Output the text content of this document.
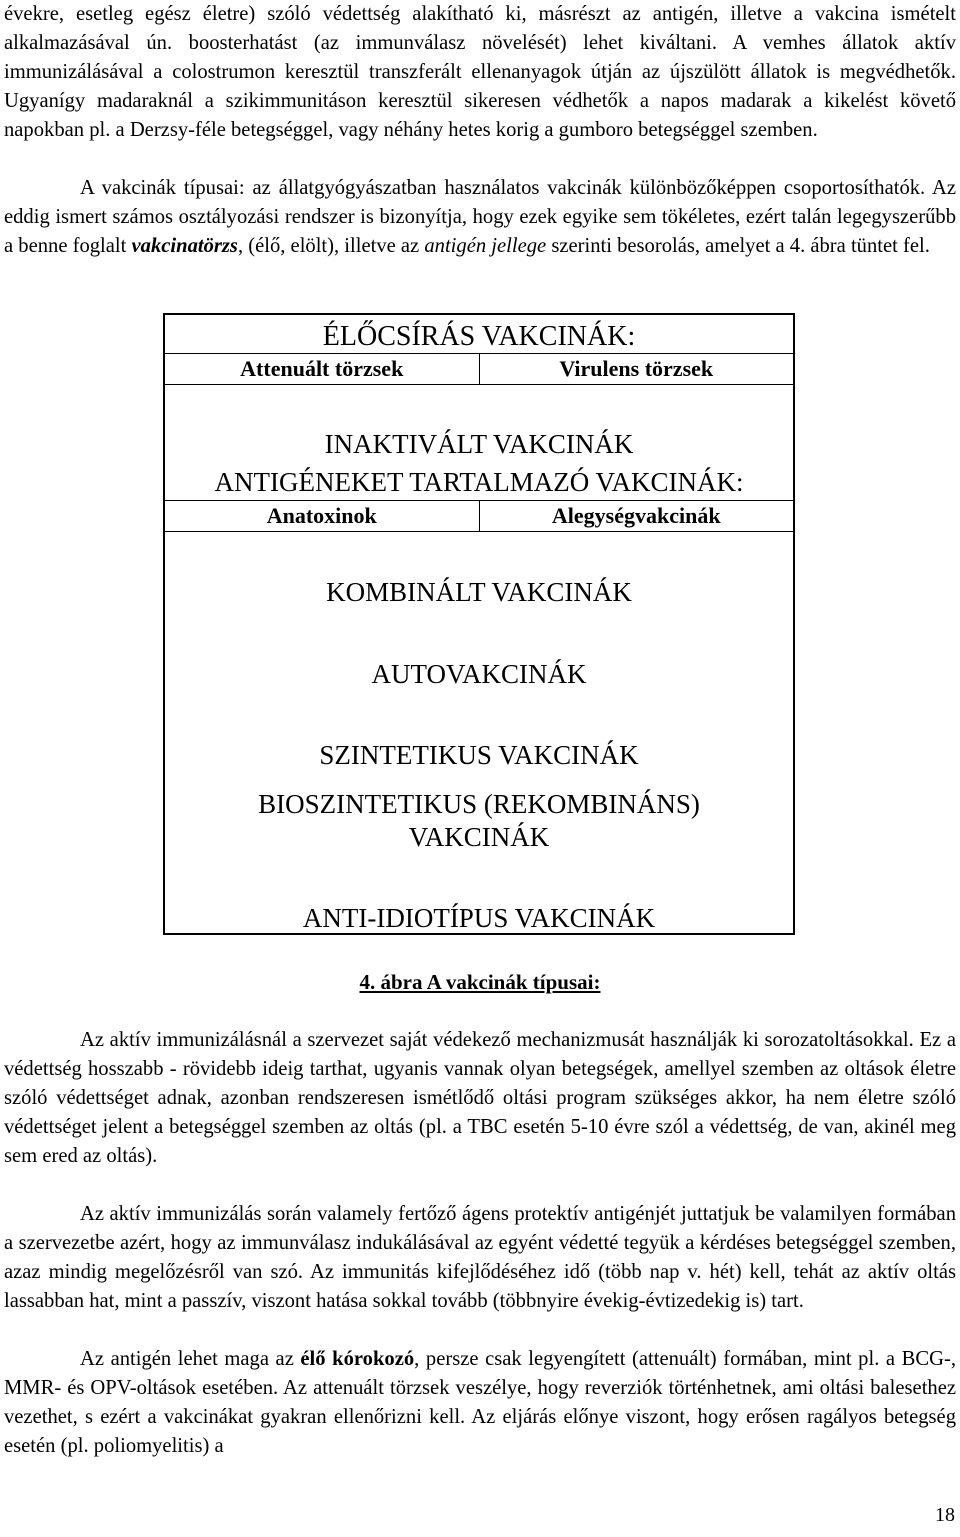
évekre, esetleg egész életre) szóló védettség alakítható ki, másrészt az antigén, illetve a vakcina ismételt alkalmazásával ún. boosterhatást (az immunválasz növelését) lehet kiváltani. A vemhes állatok aktív immunizálásával a colostrumon keresztül transzferált ellenanyagok útján az újszülött állatok is megvédhetők. Ugyanígy madaraknál a szikimmunitáson keresztül sikeresen védhetők a napos madarak a kikelést követő napokban pl. a Derzsy-féle betegséggel, vagy néhány hetes korig a gumboro betegséggel szemben.

A vakcinák típusai: az állatgyógyászatban használatos vakcinák különbözőképpen csoportosíthatók. Az eddig ismert számos osztályozási rendszer is bizonyítja, hogy ezek egyike sem tökéletes, ezért talán legegyszerűbb a benne foglalt vakcinatörzs, (élő, elölt), illetve az antigén jellege szerinti besorolás, amelyet a 4. ábra tüntet fel.

ÉLŐCSÍRÁS VAKCINÁK:
Attenuált törzsek	Virulens törzsek
INAKTIVÁLT VAKCINÁK
ANTIGÉNEKET TARTALMAZÓ VAKCINÁK:
Anatoxinok	Alegységvakcinák
KOMBINÁLT VAKCINÁK
AUTOVAKCINÁK
SZINTETIKUS VAKCINÁK
BIOSZINTETIKUS (REKOMBINÁNS)
VAKCINÁK
ANTI-IDIOTÍPUS VAKCINÁK
4. ábra A vakcinák típusai:

Az aktív immunizálásnál a szervezet saját védekező mechanizmusát használják ki sorozatoltásokkal. Ez a védettség hosszabb - rövidebb ideig tarthat, ugyanis vannak olyan betegségek, amellyel szemben az oltások életre szóló védettséget adnak, azonban rendszeresen ismétlődő oltási program szükséges akkor, ha nem életre szóló védettséget jelent a betegséggel szemben az oltás (pl. a TBC esetén 5-10 évre szól a védettség, de van, akinél meg sem ered az oltás).

Az aktív immunizálás során valamely fertőző ágens protektív antigénjét juttatjuk be valamilyen formában a szervezetbe azért, hogy az immunválasz indukálásával az egyént védetté tegyük a kérdéses betegséggel szemben, azaz mindig megelőzésről van szó. Az immunitás kifejlődéséhez idő (több nap v. hét) kell, tehát az aktív oltás lassabban hat, mint a passzív, viszont hatása sokkal tovább (többnyire évekig-évtizedekig is) tart.

Az antigén lehet maga az élő kórokozó, persze csak legyengített (attenuált) formában, mint pl. a BCG-, MMR- és OPV-oltások esetében. Az attenuált törzsek veszélye, hogy reverziók történhetnek, ami oltási balesethez vezethet, s ezért a vakcinákat gyakran ellenőrizni kell. Az eljárás előnye viszont, hogy erősen ragályos betegség esetén (pl. poliomyelitis) a

18
